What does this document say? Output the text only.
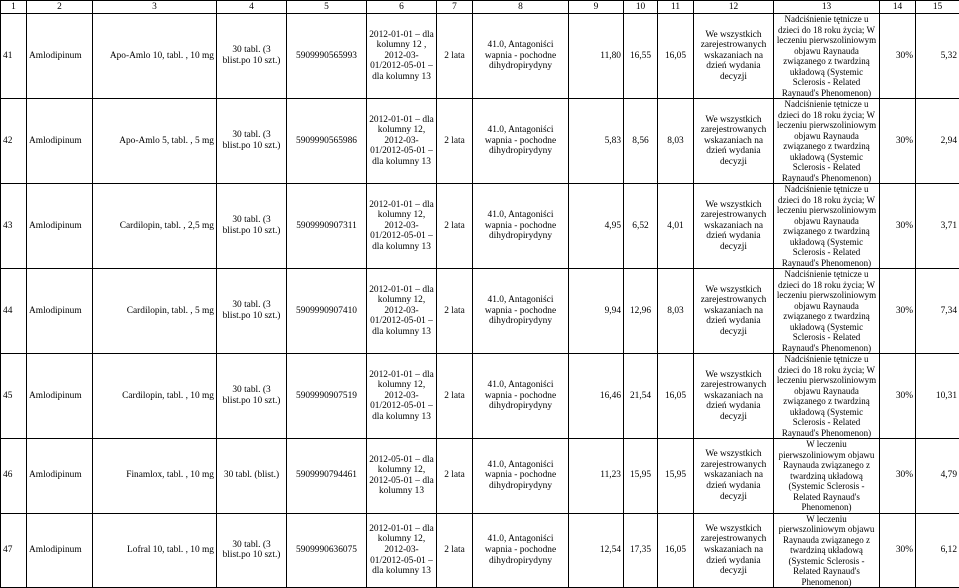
1	2	3	4	5	6	7	8	9	10	11	12	13	14	15
41	Amlodipinum	Apo-Amlo 10, tabl. , 10 mg	30 tabl. (3 blist.po 10 szt.)	5909990565993	2012-01-01 – dla kolumny 12 , 2012-03-01/2012-05-01 – dla kolumny 13	2 lata	41.0, Antagoniści wapnia - pochodne dihydropirydyny	11,80	16,55	16,05	We wszystkich zarejestrowanych wskazaniach na dzień wydania decyzji	Nadciśnienie tętnicze u dzieci do 18 roku życia; W leczeniu pierwszoliniowym objawu Raynauda związanego z twardziną układową (Systemic Sclerosis - Related Raynaud's Phenomenon)	30%	5,32
42	Amlodipinum	Apo-Amlo 5, tabl. , 5 mg	30 tabl. (3 blist.po 10 szt.)	5909990565986	2012-01-01 – dla kolumny 12, 2012-03-01/2012-05-01 – dla kolumny 13	2 lata	41.0, Antagoniści wapnia - pochodne dihydropirydyny	5,83	8,56	8,03	We wszystkich zarejestrowanych wskazaniach na dzień wydania decyzji	Nadciśnienie tętnicze u dzieci do 18 roku życia; W leczeniu pierwszoliniowym objawu Raynauda związanego z twardziną układową (Systemic Sclerosis - Related Raynaud's Phenomenon)	30%	2,94
43	Amlodipinum	Cardilopin, tabl. , 2,5 mg	30 tabl. (3 blist.po 10 szt.)	5909990907311	2012-01-01 – dla kolumny 12, 2012-03-01/2012-05-01 – dla kolumny 13	2 lata	41.0, Antagoniści wapnia - pochodne dihydropirydyny	4,95	6,52	4,01	We wszystkich zarejestrowanych wskazaniach na dzień wydania decyzji	Nadciśnienie tętnicze u dzieci do 18 roku życia; W leczeniu pierwszoliniowym objawu Raynauda związanego z twardziną układową (Systemic Sclerosis - Related Raynaud's Phenomenon)	30%	3,71
44	Amlodipinum	Cardilopin, tabl. , 5 mg	30 tabl. (3 blist.po 10 szt.)	5909990907410	2012-01-01 – dla kolumny 12, 2012-03-01/2012-05-01 – dla kolumny 13	2 lata	41.0, Antagoniści wapnia - pochodne dihydropirydyny	9,94	12,96	8,03	We wszystkich zarejestrowanych wskazaniach na dzień wydania decyzji	Nadciśnienie tętnicze u dzieci do 18 roku życia; W leczeniu pierwszoliniowym objawu Raynauda związanego z twardziną układową (Systemic Sclerosis - Related Raynaud's Phenomenon)	30%	7,34
45	Amlodipinum	Cardilopin, tabl. , 10 mg	30 tabl. (3 blist.po 10 szt.)	5909990907519	2012-01-01 – dla kolumny 12, 2012-03-01/2012-05-01 – dla kolumny 13	2 lata	41.0, Antagoniści wapnia - pochodne dihydropirydyny	16,46	21,54	16,05	We wszystkich zarejestrowanych wskazaniach na dzień wydania decyzji	Nadciśnienie tętnicze u dzieci do 18 roku życia; W leczeniu pierwszoliniowym objawu Raynauda związanego z twardziną układową (Systemic Sclerosis - Related Raynaud's Phenomenon)	30%	10,31
46	Amlodipinum	Finamlox, tabl. , 10 mg	30 tabl. (blist.)	5909990794461	2012-05-01 – dla kolumny 12, 2012-05-01 – dla kolumny 13	2 lata	41.0, Antagoniści wapnia - pochodne dihydropirydyny	11,23	15,95	15,95	We wszystkich zarejestrowanych wskazaniach na dzień wydania decyzji	W leczeniu pierwszoliniowym objawu Raynauda związanego z twardziną układową (Systemic Sclerosis - Related Raynaud's Phenomenon)	30%	4,79
47	Amlodipinum	Lofral 10, tabl. , 10 mg	30 tabl. (3 blist.po 10 szt.)	5909990636075	2012-01-01 – dla kolumny 12, 2012-03-01/2012-05-01 – dla kolumny 13	2 lata	41.0, Antagoniści wapnia - pochodne dihydropirydyny	12,54	17,35	16,05	We wszystkich zarejestrowanych wskazaniach na dzień wydania decyzji	W leczeniu pierwszoliniowym objawu Raynauda związanego z twardziną układową (Systemic Sclerosis - Related Raynaud's Phenomenon)	30%	6,12
